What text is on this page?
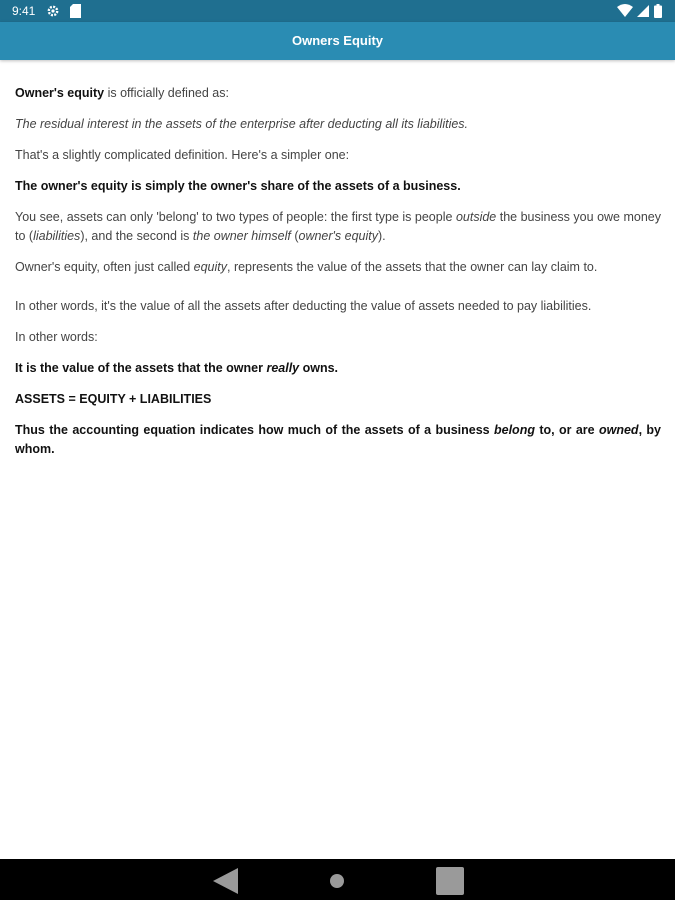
9:41
Owners Equity

Owner's equity is officially defined as:

The residual interest in the assets of the enterprise after deducting all its liabilities.

That's a slightly complicated definition. Here's a simpler one:

The owner's equity is simply the owner's share of the assets of a business.

You see, assets can only 'belong' to two types of people: the first type is people outside the business you owe money to (liabilities), and the second is the owner himself (owner's equity).

Owner's equity, often just called equity, represents the value of the assets that the owner can lay claim to.

In other words, it's the value of all the assets after deducting the value of assets needed to pay liabilities.

In other words:

It is the value of the assets that the owner really owns.

ASSETS = EQUITY + LIABILITIES

Thus the accounting equation indicates how much of the assets of a business belong to, or are owned, by whom.
